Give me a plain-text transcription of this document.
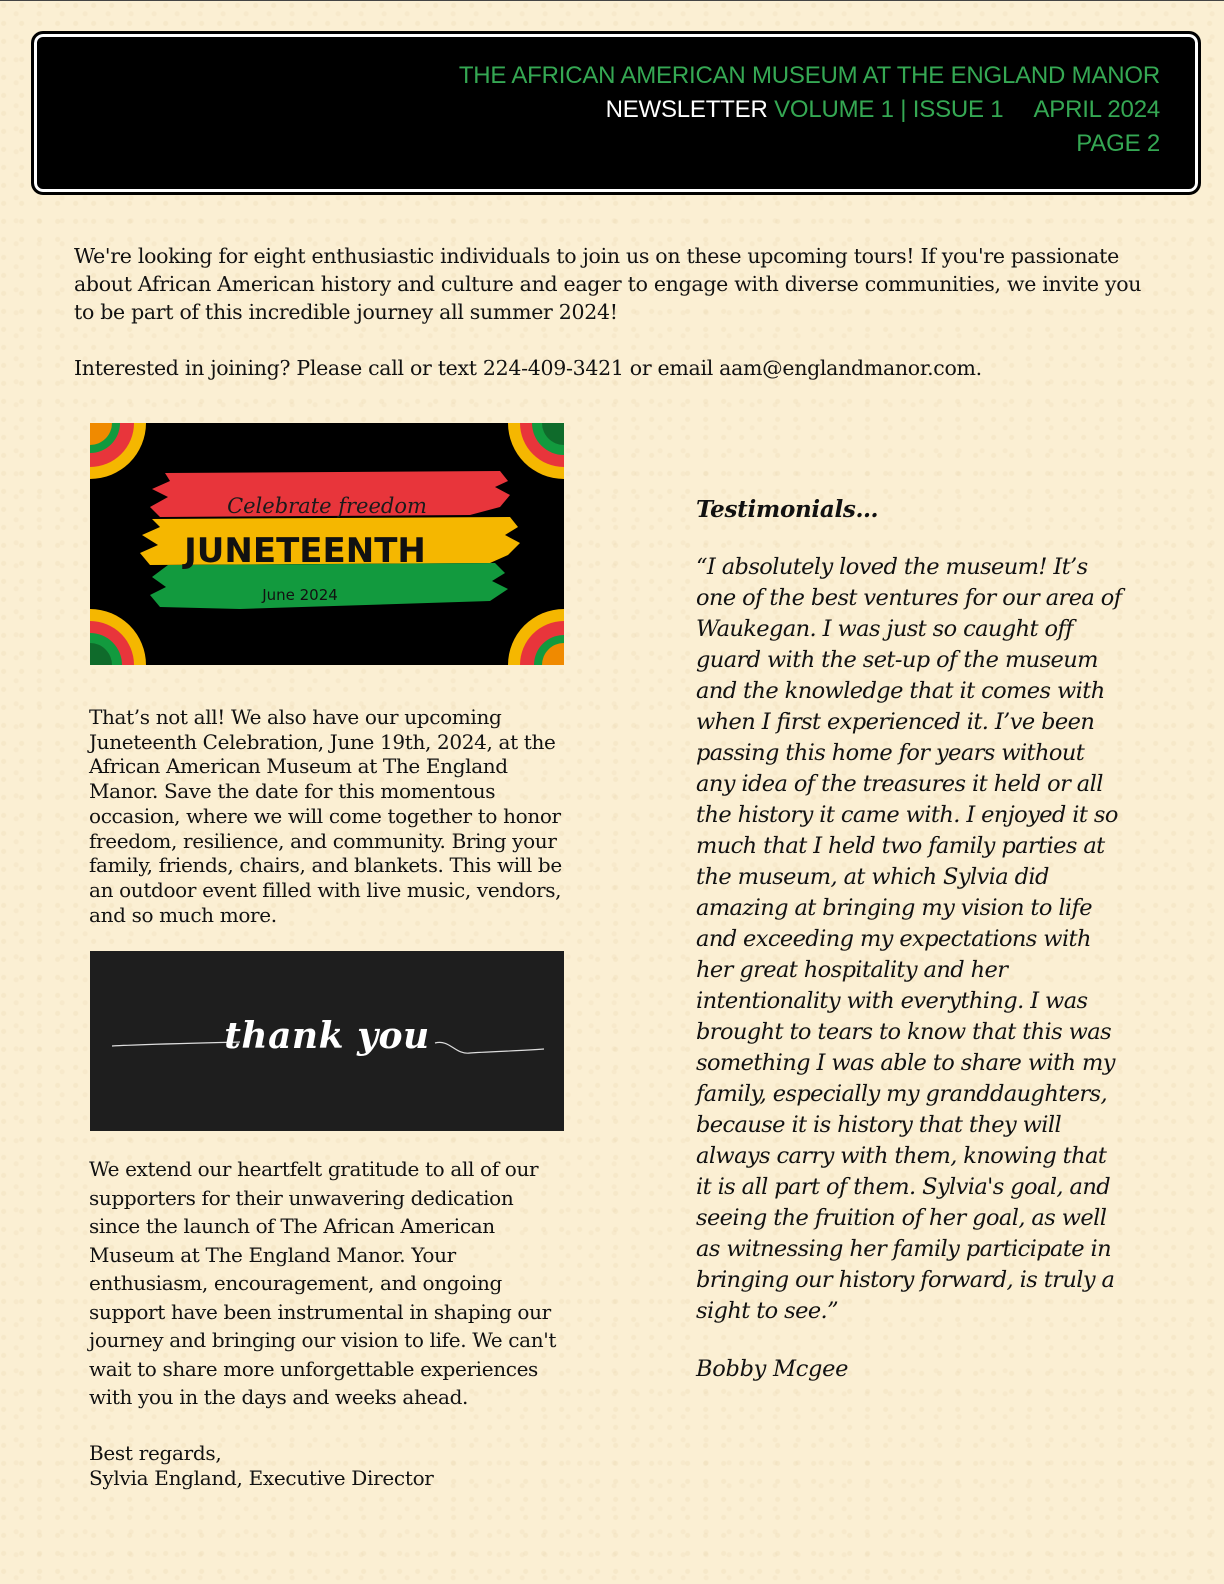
THE AFRICAN AMERICAN MUSEUM AT THE ENGLAND MANOR
NEWSLETTER VOLUME 1 | ISSUE 1 APRIL 2024
PAGE 2
We're looking for eight enthusiastic individuals to join us on these upcoming tours! If you're passionate about African American history and culture and eager to engage with diverse communities, we invite you to be part of this incredible journey all summer 2024!
Interested in joining? Please call or text 224-409-3421 or email aam@englandmanor.com.
Celebrate freedom
JUNETEENTH
June 2024
That’s not all! We also have our upcoming Juneteenth Celebration, June 19th, 2024, at the African American Museum at The England Manor. Save the date for this momentous occasion, where we will come together to honor freedom, resilience, and community. Bring your family, friends, chairs, and blankets. This will be an outdoor event filled with live music, vendors, and so much more.
thank you
We extend our heartfelt gratitude to all of our supporters for their unwavering dedication since the launch of The African American Museum at The England Manor. Your enthusiasm, encouragement, and ongoing support have been instrumental in shaping our journey and bringing our vision to life. We can't wait to share more unforgettable experiences with you in the days and weeks ahead.
Best regards,
Sylvia England, Executive Director
Testimonials…
“I absolutely loved the museum! It’s one of the best ventures for our area of Waukegan. I was just so caught off guard with the set-up of the museum and the knowledge that it comes with when I first experienced it. I’ve been passing this home for years without any idea of the treasures it held or all the history it came with. I enjoyed it so much that I held two family parties at the museum, at which Sylvia did amazing at bringing my vision to life and exceeding my expectations with her great hospitality and her intentionality with everything. I was brought to tears to know that this was something I was able to share with my family, especially my granddaughters, because it is history that they will always carry with them, knowing that it is all part of them. Sylvia's goal, and seeing the fruition of her goal, as well as witnessing her family participate in bringing our history forward, is truly a sight to see.”
Bobby Mcgee
